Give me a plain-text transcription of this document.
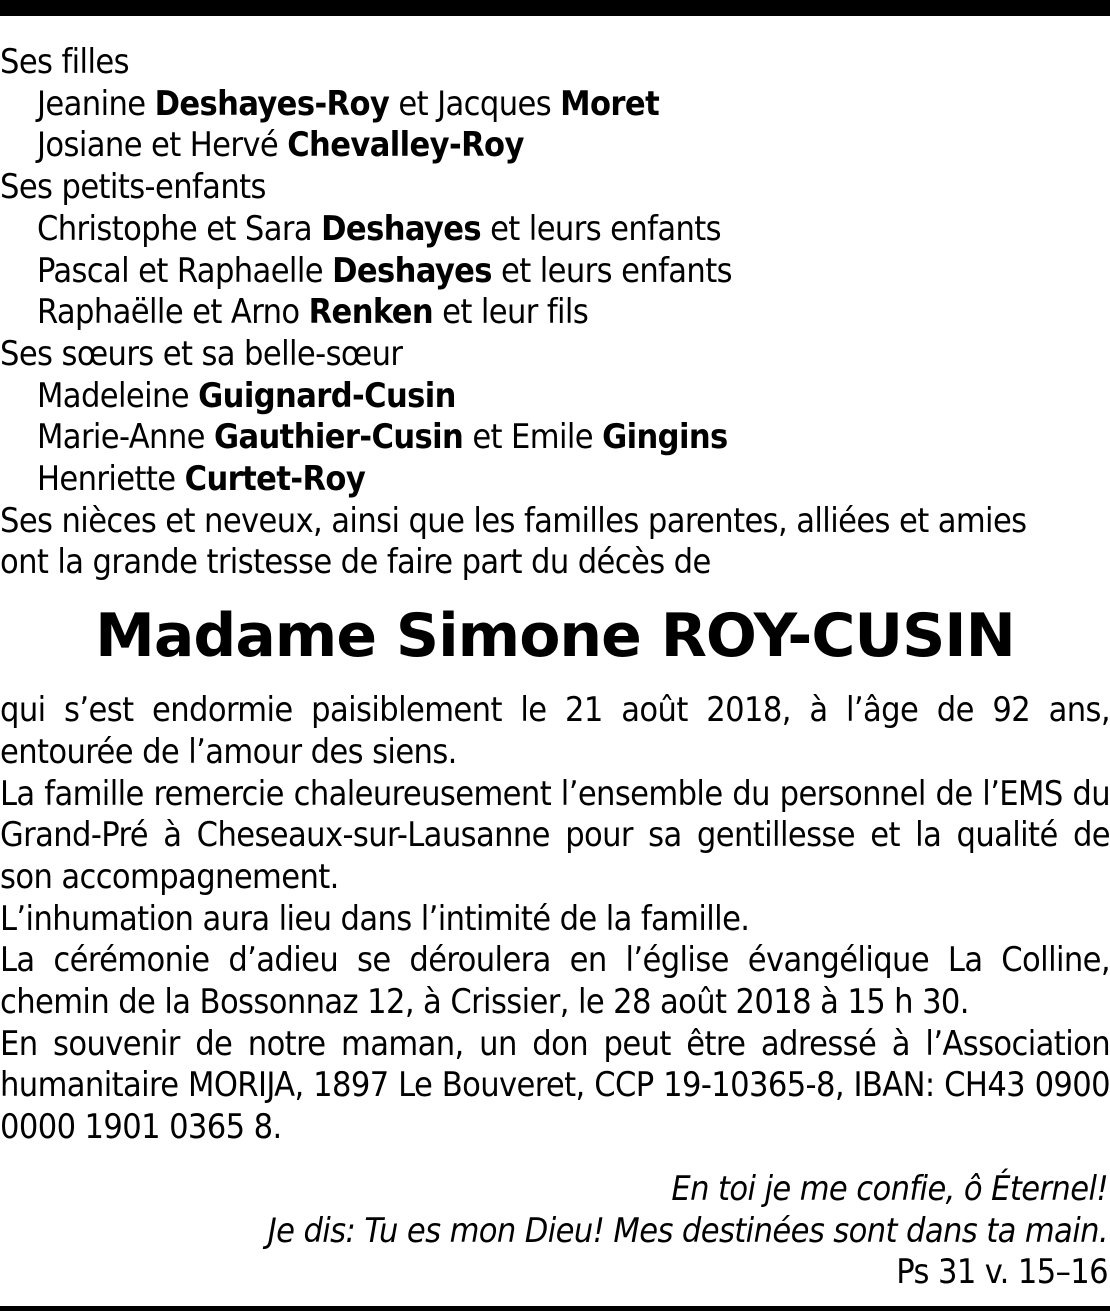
Ses filles
Jeanine Deshayes-Roy et Jacques Moret
Josiane et Hervé Chevalley-Roy
Ses petits-enfants
Christophe et Sara Deshayes et leurs enfants
Pascal et Raphaelle Deshayes et leurs enfants
Raphaëlle et Arno Renken et leur fils
Ses sœurs et sa belle-sœur
Madeleine Guignard-Cusin
Marie-Anne Gauthier-Cusin et Emile Gingins
Henriette Curtet-Roy
Ses nièces et neveux, ainsi que les familles parentes, alliées et amies
ont la grande tristesse de faire part du décès de
Madame Simone ROY-CUSIN

qui s’est endormie paisiblement le 21 août 2018, à l’âge de 92 ans, entourée de l’amour des siens.

La famille remercie chaleureusement l’ensemble du personnel de l’EMS du Grand-Pré à Cheseaux-sur-Lausanne pour sa gentillesse et la qualité de son accompagnement.

L’inhumation aura lieu dans l’intimité de la famille.

La cérémonie d’adieu se déroulera en l’église évangélique La Colline, chemin de la Bossonnaz 12, à Crissier, le 28 août 2018 à 15 h 30.

En souvenir de notre maman, un don peut être adressé à l’Association humanitaire MORIJA, 1897 Le Bouveret, CCP 19-10365-8, IBAN: CH43 0900 0000 1901 0365 8.

En toi je me confie, ô Éternel!
Je dis: Tu es mon Dieu! Mes destinées sont dans ta main.
Ps 31 v. 15–16
